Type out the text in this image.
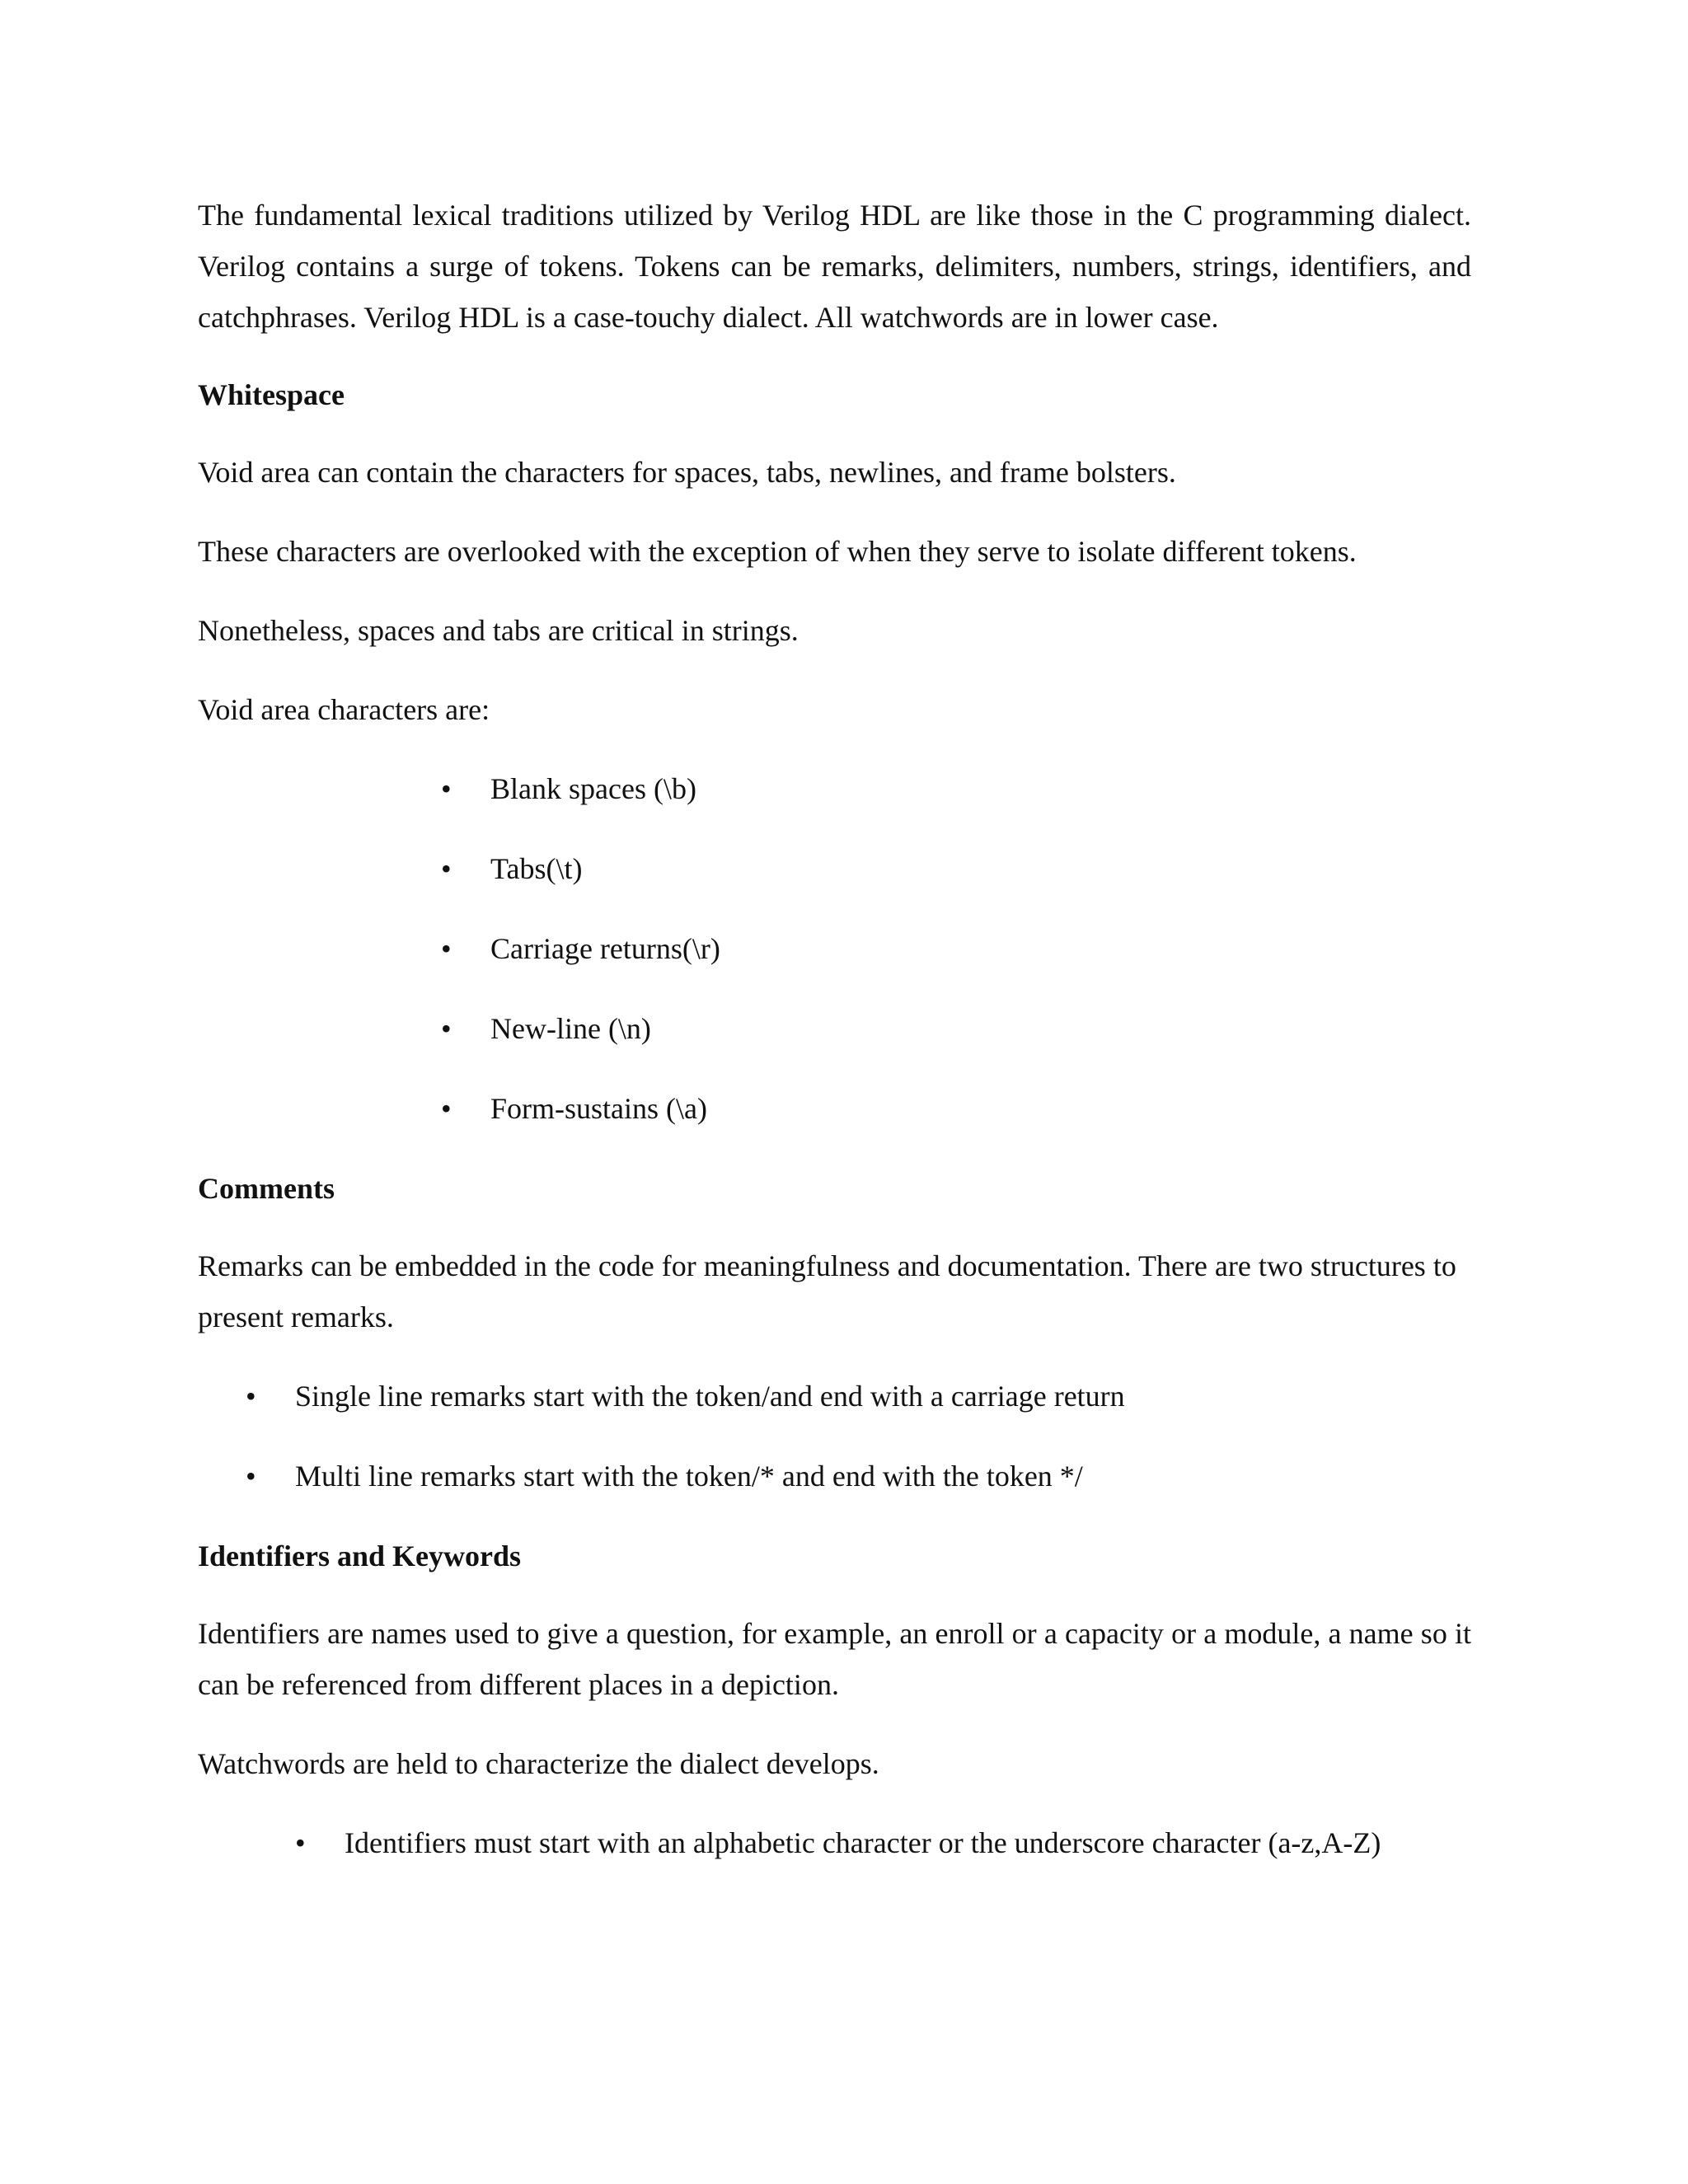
The fundamental lexical traditions utilized by Verilog HDL are like those in the C programming dialect. Verilog contains a surge of tokens. Tokens can be remarks, delimiters, numbers, strings, identifiers, and catchphrases. Verilog HDL is a case-touchy dialect. All watchwords are in lower case.

Whitespace

Void area can contain the characters for spaces, tabs, newlines, and frame bolsters.

These characters are overlooked with the exception of when they serve to isolate different tokens.

Nonetheless, spaces and tabs are critical in strings.

Void area characters are:

• Blank spaces (\b)
• Tabs(\t)
• Carriage returns(\r)
• New-line (\n)
• Form-sustains (\a)
Comments

Remarks can be embedded in the code for meaningfulness and documentation. There are two structures to present remarks.

• Single line remarks start with the token/and end with a carriage return
• Multi line remarks start with the token/* and end with the token */
Identifiers and Keywords

Identifiers are names used to give a question, for example, an enroll or a capacity or a module, a name so it can be referenced from different places in a depiction.

Watchwords are held to characterize the dialect develops.

• Identifiers must start with an alphabetic character or the underscore character (a-z,A-Z)
